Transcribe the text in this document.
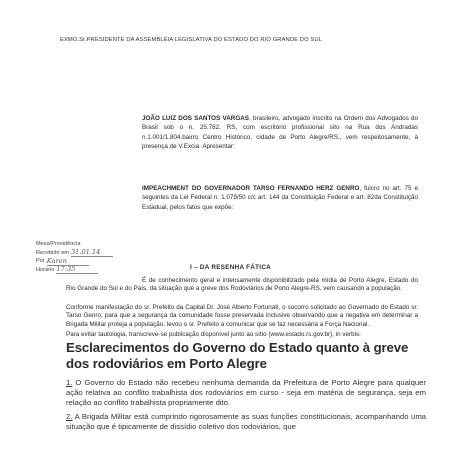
EXMO.Sr.PRESIDENTE DA ASSEMBLÉIA LEGISLATIVA DO ESTADO DO RIO GRANDE DO SUL
JOÃO LUIZ DOS SANTOS VARGAS, brasileiro, advogado inscrito na Ordem dos Advogados do Brasil sob o n. 25.782, RS, com escritório profissional sito na Rua dos Andradas n.1.001/1.804.bairro Centro Histórico, cidade de Porto Alegre/RS., vem respeitosamente, à presença de V.Excia. Apresentar:
IMPEACHMENT DO GOVERNADOR TARSO FERNANDO HERZ GENRO, fulcro no art. 75 e seguintes da Lei Federal n. 1.079/50 c/c art. 144 da Constituição Federal e art. 82da Constituição Estadual, pelos fatos que expõe:
Mesa/Presidência
Recebido em 31.01.14
Por Karen
Horário 17:35	I – DA RESENHA FÁTICA
É de conhecimento geral e intensamente disponibilizado pela mídia de Porto Alegre, Estado do Rio Grande do Sul e do País, da situação que a greve dos Rodoviários de Porto Alegre-RS, vem causando a população.
Conforme manifestação do sr. Prefeito da Capital Dr. José Alberto Fortunati, o socorro solicitado ao Governado do Estado sr. Tarso Genro, para que a segurança da comunidade fosse preservada inclusive observando que a negativa em determinar a Brigada Militar proteja a população, levou o sr. Prefeito a comunicar que se faz necessária a Força Nacional.
Para evitar tautologia, transcreve-se publicação disponível junto ao sítio (www.estado.rs.gov.br), in verbis:
Esclarecimentos do Governo do Estado quanto à greve dos rodoviários em Porto Alegre
1. O Governo do Estado não recebeu nenhuma demanda da Prefeitura de Porto Alegre para qualquer ação relativa ao conflito trabalhista dos rodoviários em curso - seja em matéria de segurança, seja em relação ao conflito trabalhista propriamente dito.
2. A Brigada Militar está cumprindo rigorosamente as suas funções constitucionais, acompanhando uma situação que é tipicamente de dissídio coletivo dos rodoviários, que
